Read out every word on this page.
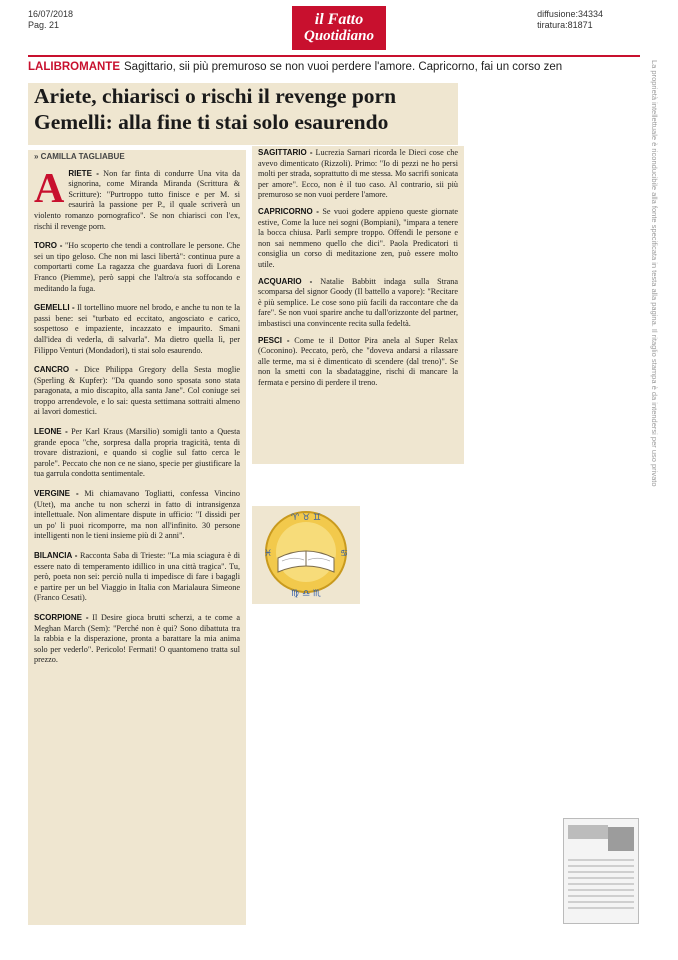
16/07/2018
Pag. 21	il Fatto
Quotidiano
diffusione:34334
tiratura:81871
La proprietà intellettuale è riconducibile alla fonte specificata in testa alla pagina. Il ritaglio stampa è da intendersi per uso privato
LALIBROMANTE Sagittario, sii più premuroso se non vuoi perdere l'amore. Capricorno, fai un corso zen
Ariete, chiarisci o rischi il revenge porn
Gemelli: alla fine ti stai solo esaurendo
» CAMILLA TAGLIABUE

ARIETE - Non far finta di condurre Una vita da signorina, come Miranda Miranda (Scrittura & Scritture): "Purtroppo tutto finisce e per M. si esaurirà la passione per P., il quale scriverà un violento romanzo pornografico". Se non chiarisci con l'ex, rischi il revenge porn.

TORO - "Ho scoperto che tendi a controllare le persone. Che sei un tipo geloso. Che non mi lasci libertà": continua pure a comportarti come La ragazza che guardava fuori di Lorena Franco (Piemme), però sappi che l'altro/a sta soffocando e meditando la fuga.

GEMELLI - Il tortellino muore nel brodo, e anche tu non te la passi bene: sei "turbato ed eccitato, angosciato e carico, sospettoso e impaziente, incazzato e impaurito. Smani dall'idea di vederla, di salvarla". Ma dietro quella lì, per Filippo Venturi (Mondadori), ti stai solo esaurendo.

CANCRO - Dice Philippa Gregory della Sesta moglie (Sperling & Kupfer): "Da quando sono sposata sono stata paragonata, a mio discapito, alla santa Jane". Col coniuge sei troppo arrendevole, e lo sai: questa settimana sottraiti almeno ai lavori domestici.

LEONE - Per Karl Kraus (Marsilio) somigli tanto a Questa grande epoca "che, sorpresa dalla propria tragicità, tenta di trovare distrazioni, e quando si coglie sul fatto cerca le parole". Peccato che non ce ne siano, specie per giustificare la tua garrula condotta sentimentale.

VERGINE - Mi chiamavano Togliatti, confessa Vincino (Utet), ma anche tu non scherzi in fatto di intransigenza intellettuale. Non alimentare dispute in ufficio: "I dissidi per un po' li puoi ricomporre, ma non all'infinito. 30 persone intelligenti non le tieni insieme più di 2 anni".

BILANCIA - Racconta Saba di Trieste: "La mia sciagura è di essere nato di temperamento idillico in una città tragica". Tu, però, poeta non sei: perciò nulla ti impedisce di fare i bagagli e partire per un bel Viaggio in Italia con Marialaura Simeone (Franco Cesati).

SCORPIONE - Il Desire gioca brutti scherzi, a te come a Meghan March (Sem): "Perché non è qui? Sono dibattuta tra la rabbia e la disperazione, pronta a barattare la mia anima solo per vederlo". Pericolo! Fermati! O quantomeno tratta sul prezzo.

SAGITTARIO - Lucrezia Sarnari ricorda le Dieci cose che avevo dimenticato (Rizzoli). Primo: "Io di pezzi ne ho persi molti per strada, soprattutto di me stessa. Mo sacrifi sonicata per amore". Ecco, non è il tuo caso. Al contrario, sii più premuroso se non vuoi perdere l'amore.

CAPRICORNO - Se vuoi godere appieno queste giornate estive, Come la luce nei sogni (Bompiani), "impara a tenere la bocca chiusa. Parli sempre troppo. Offendi le persone e non sai nemmeno quello che dici". Paola Predicatori ti consiglia un corso di meditazione zen, può essere molto utile.

ACQUARIO - Natalie Babbitt indaga sulla Strana scomparsa del signor Goody (Il battello a vapore): "Recitare è più semplice. Le cose sono più facili da raccontare che da fare". Se non vuoi sparire anche tu dall'orizzonte del partner, imbastisci una convincente recita sulla fedeltà.

PESCI - Come te il Dottor Pira anela al Super Relax (Coconino). Peccato, però, che "doveva andarsi a rilassare alle terme, ma si è dimenticato di scendere (dal treno)". Se non la smetti con la sbadataggine, rischi di mancare la fermata e persino di perdere il treno.

♈ ♉ ♊
♓	♋
♍ ♎ ♏
